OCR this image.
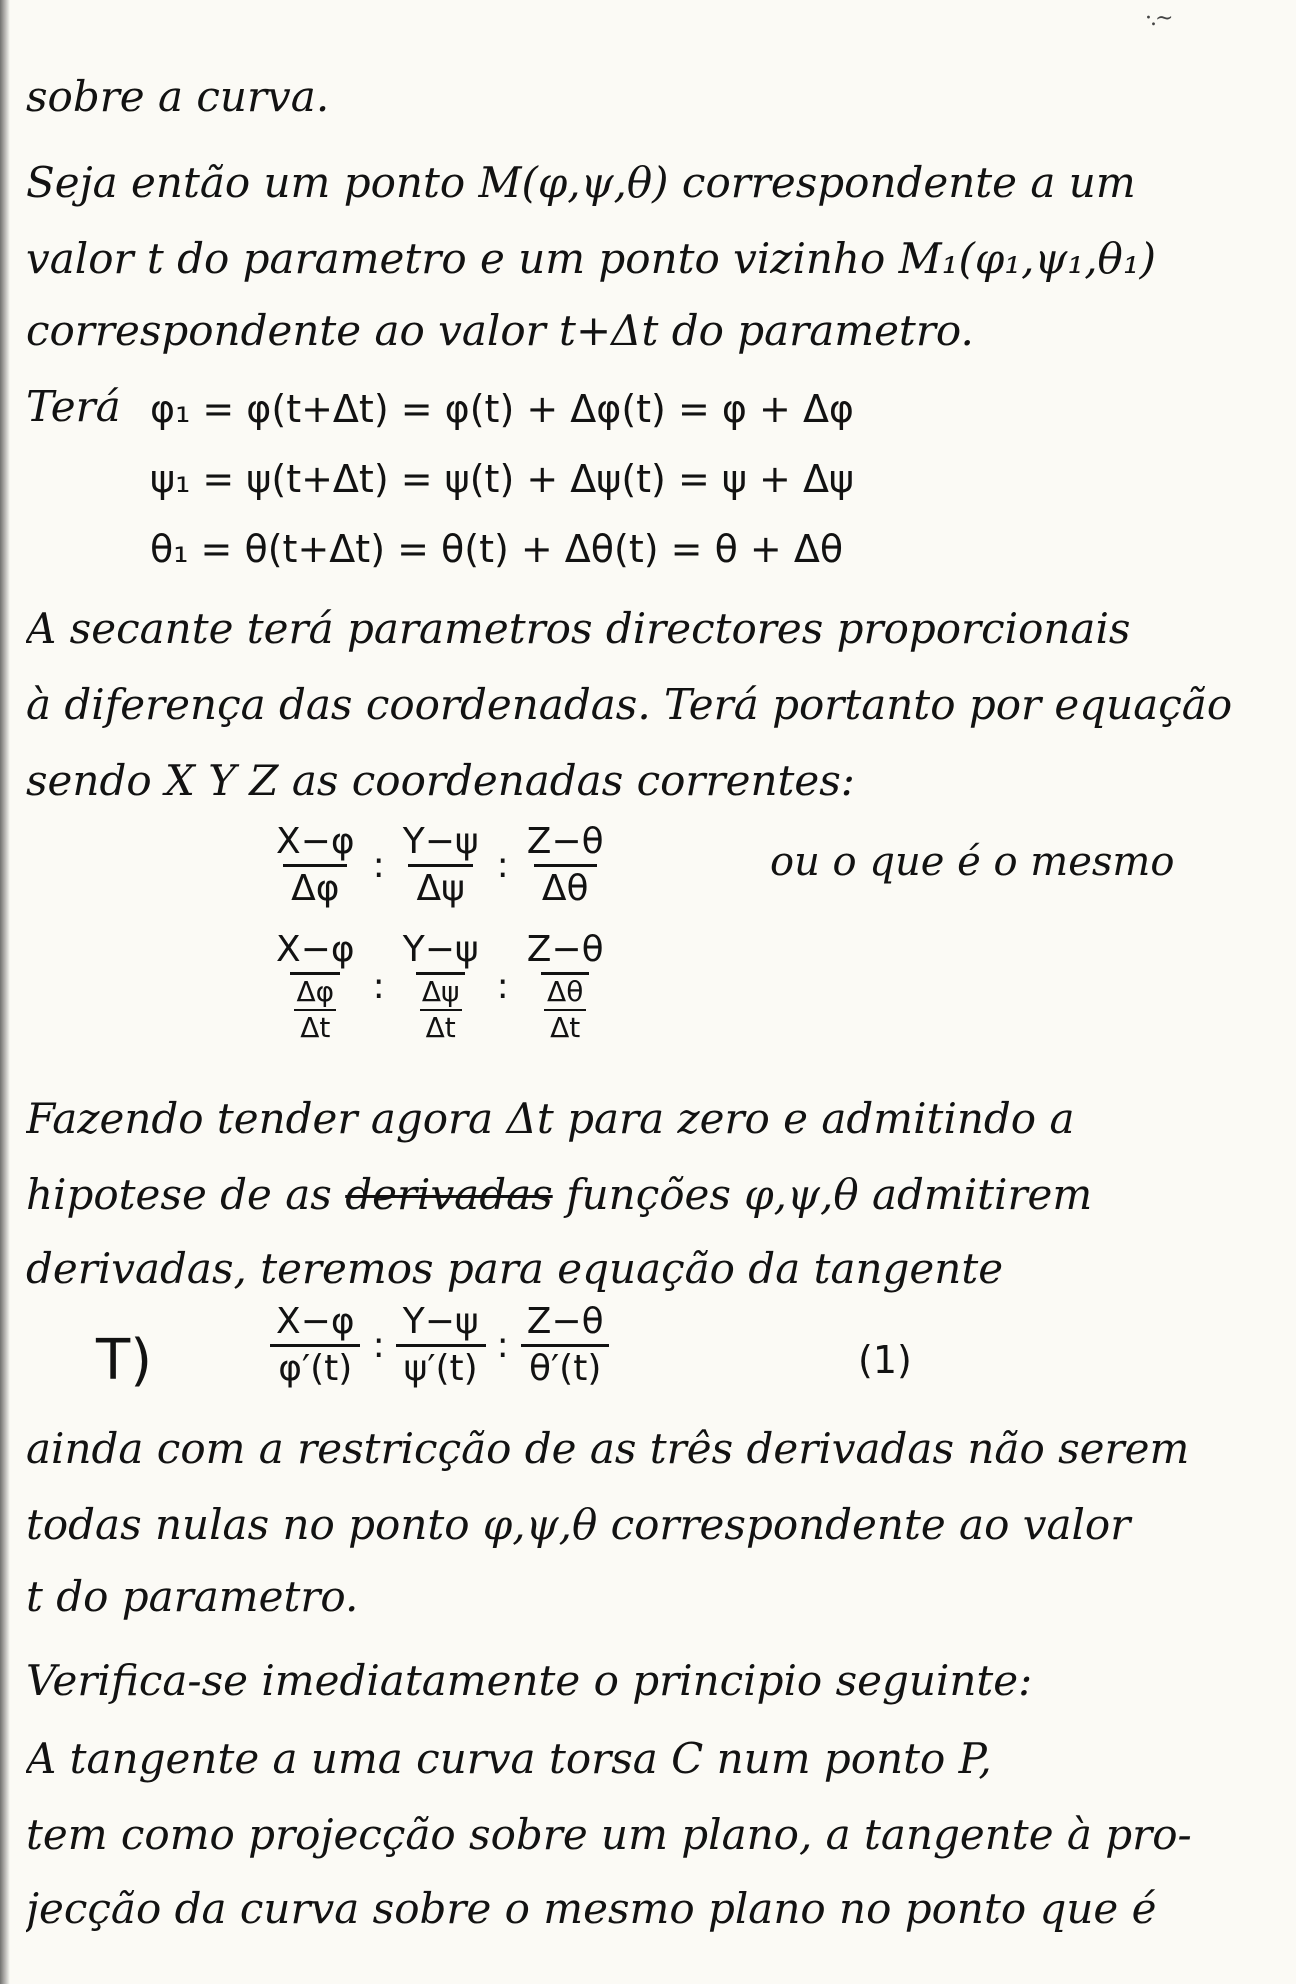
·.~
sobre a curva.
Seja então um ponto M(φ,ψ,θ) correspondente a um
valor t do parametro e um ponto vizinho M₁(φ₁,ψ₁,θ₁)
correspondente ao valor t+Δt do parametro.
Terá φ₁ = φ(t+Δt) = φ(t) + Δφ(t) = φ + Δφ
ψ₁ = ψ(t+Δt) = ψ(t) + Δψ(t) = ψ + Δψ
θ₁ = θ(t+Δt) = θ(t) + Δθ(t) = θ + Δθ
A secante terá parametros directores proporcionais
à diferença das coordenadas. Terá portanto por equação
sendo X Y Z as coordenadas correntes:
$\frac{X-\varphi}{\Delta\varphi}$ : $\frac{Y-\psi}{\Delta\psi}$ : $\frac{Z-\theta}{\Delta\theta}$	ou o que é o mesmo
X−φ
Δφ
Δt : Y−ψ
Δψ
Δt : Z−θ
Δθ
Δt
Fazendo tender agora Δt para zero e admitindo a
hipotese de as derivadas funções φ,ψ,θ admitirem
derivadas, teremos para equação da tangente
T)	$\frac{X-\varphi}{\varphi'(t)}$ : $\frac{Y-\psi}{\psi'(t)}$ : $\frac{Z-\theta}{\theta'(t)}$	(1)
ainda com a restricção de as três derivadas não serem
todas nulas no ponto φ,ψ,θ correspondente ao valor
t do parametro.
Verifica-se imediatamente o principio seguinte:
A tangente a uma curva torsa C num ponto P,
tem como projecção sobre um plano, a tangente à pro-
jecção da curva sobre o mesmo plano no ponto que é
